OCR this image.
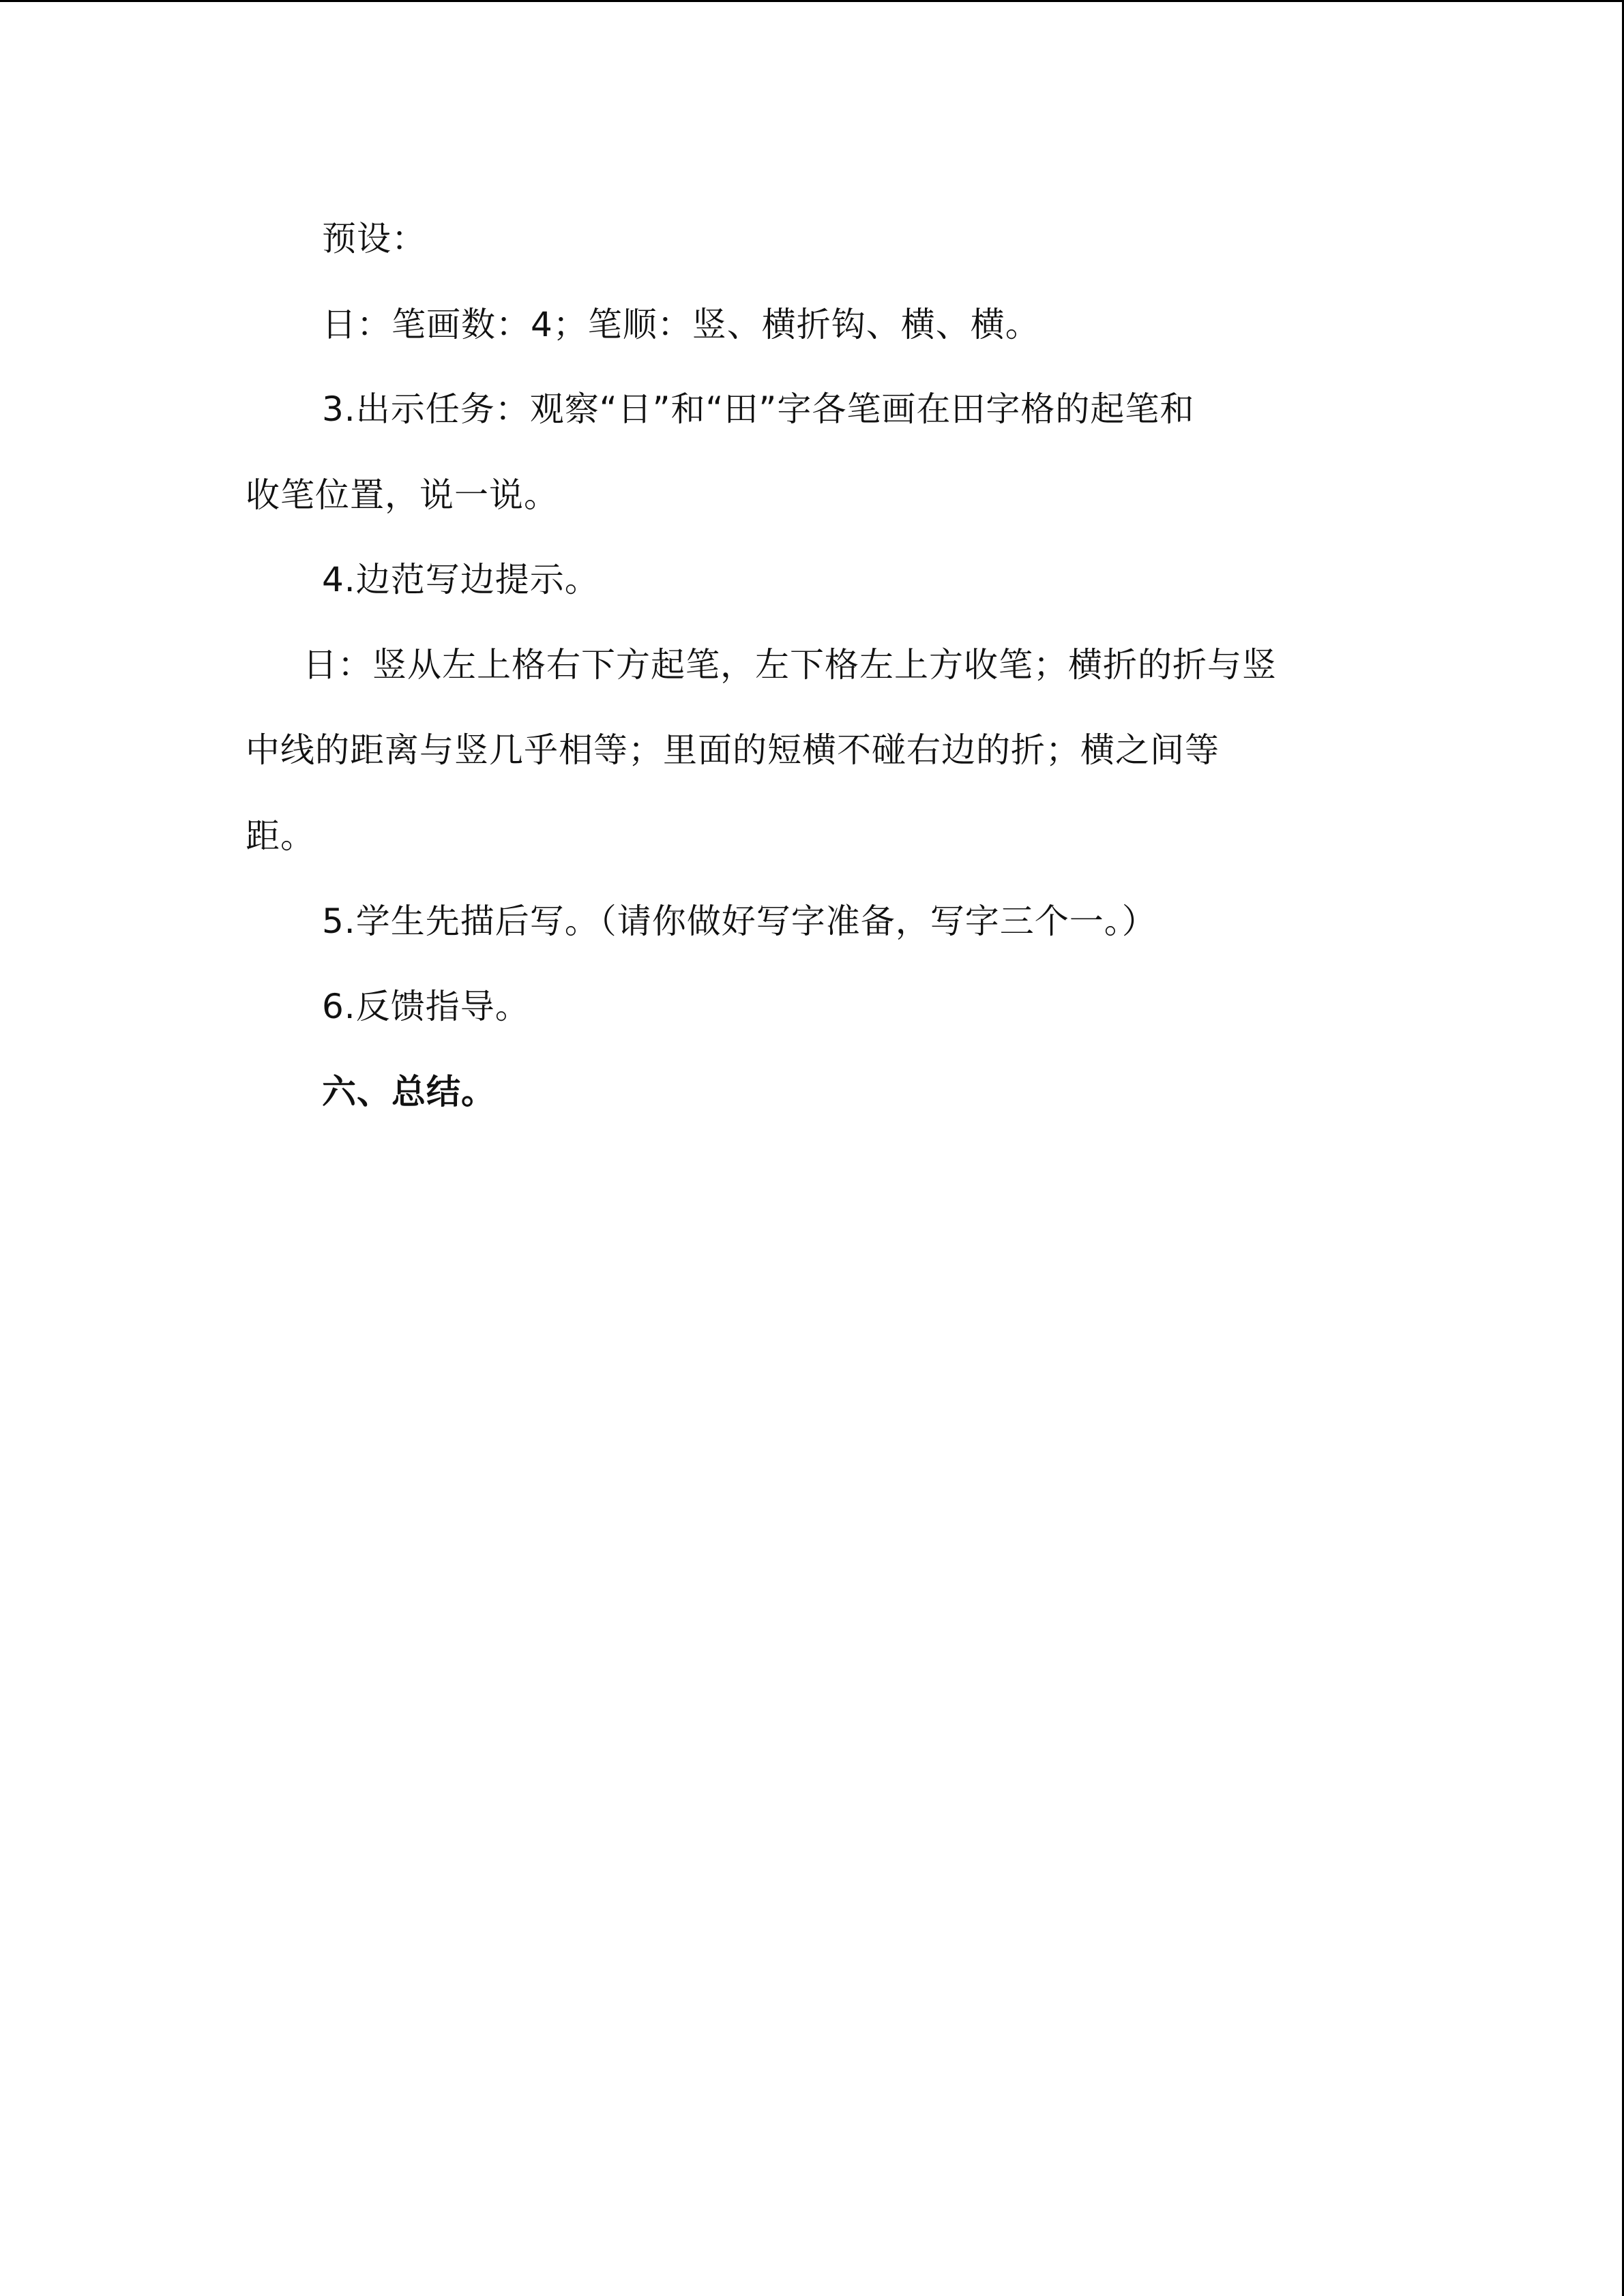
预设：

日：笔画数：4；笔顺：竖、横折钩、横、横。

3.出示任务：观察“日”和“田”字各笔画在田字格的起笔和

收笔位置，说一说。

4.边范写边提示。

日：竖从左上格右下方起笔，左下格左上方收笔；横折的折与竖

中线的距离与竖几乎相等；里面的短横不碰右边的折；横之间等

距。

5.学生先描后写。（请你做好写字准备，写字三个一。）

6.反馈指导。

六、总结。
